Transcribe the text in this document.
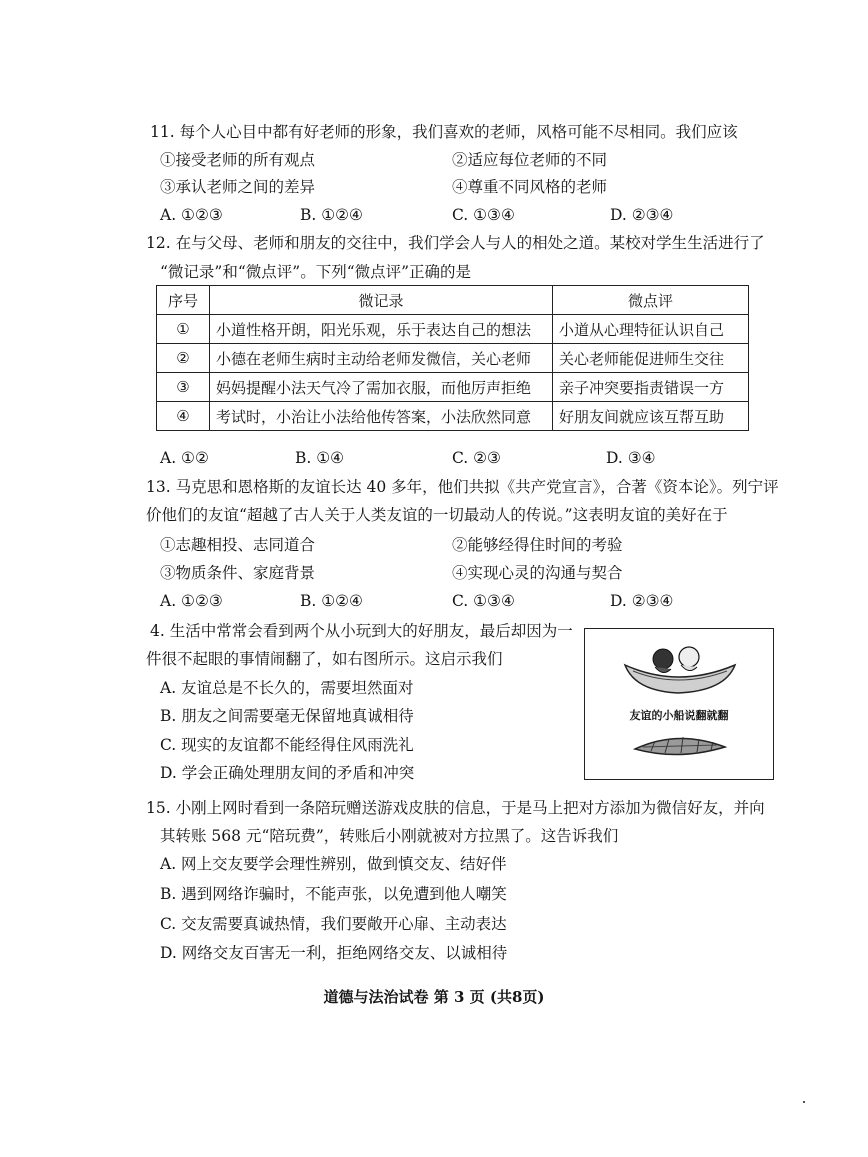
11. 每个人心目中都有好老师的形象，我们喜欢的老师，风格可能不尽相同。我们应该
①接受老师的所有观点	②适应每位老师的不同
③承认老师之间的差异	④尊重不同风格的老师
A. ①②③	B. ①②④	C. ①③④	D. ②③④
12. 在与父母、老师和朋友的交往中，我们学会人与人的相处之道。某校对学生生活进行了
“微记录”和“微点评”。下列“微点评”正确的是
序号	微记录	微点评
①	小道性格开朗，阳光乐观，乐于表达自己的想法	小道从心理特征认识自己
②	小德在老师生病时主动给老师发微信，关心老师	关心老师能促进师生交往
③	妈妈提醒小法天气冷了需加衣服，而他厉声拒绝	亲子冲突要指责错误一方
④	考试时，小治让小法给他传答案，小法欣然同意	好朋友间就应该互帮互助
A. ①②	B. ①④	C. ②③	D. ③④
13. 马克思和恩格斯的友谊长达 40 多年，他们共拟《共产党宣言》，合著《资本论》。列宁评
价他们的友谊“超越了古人关于人类友谊的一切最动人的传说。”这表明友谊的美好在于
①志趣相投、志同道合	②能够经得住时间的考验
③物质条件、家庭背景	④实现心灵的沟通与契合
A. ①②③	B. ①②④	C. ①③④	D. ②③④
4. 生活中常常会看到两个从小玩到大的好朋友，最后却因为一
件很不起眼的事情闹翻了，如右图所示。这启示我们
A. 友谊总是不长久的，需要坦然面对
B. 朋友之间需要毫无保留地真诚相待
C. 现实的友谊都不能经得住风雨洗礼
D. 学会正确处理朋友间的矛盾和冲突
友谊的小船说翻就翻
15. 小刚上网时看到一条陪玩赠送游戏皮肤的信息，于是马上把对方添加为微信好友，并向
其转账 568 元“陪玩费”，转账后小刚就被对方拉黑了。这告诉我们
A. 网上交友要学会理性辨别，做到慎交友、结好伴
B. 遇到网络诈骗时，不能声张，以免遭到他人嘲笑
C. 交友需要真诚热情，我们要敞开心扉、主动表达
D. 网络交友百害无一利，拒绝网络交友、以诚相待
道德与法治试卷 第 3 页 (共8页)
